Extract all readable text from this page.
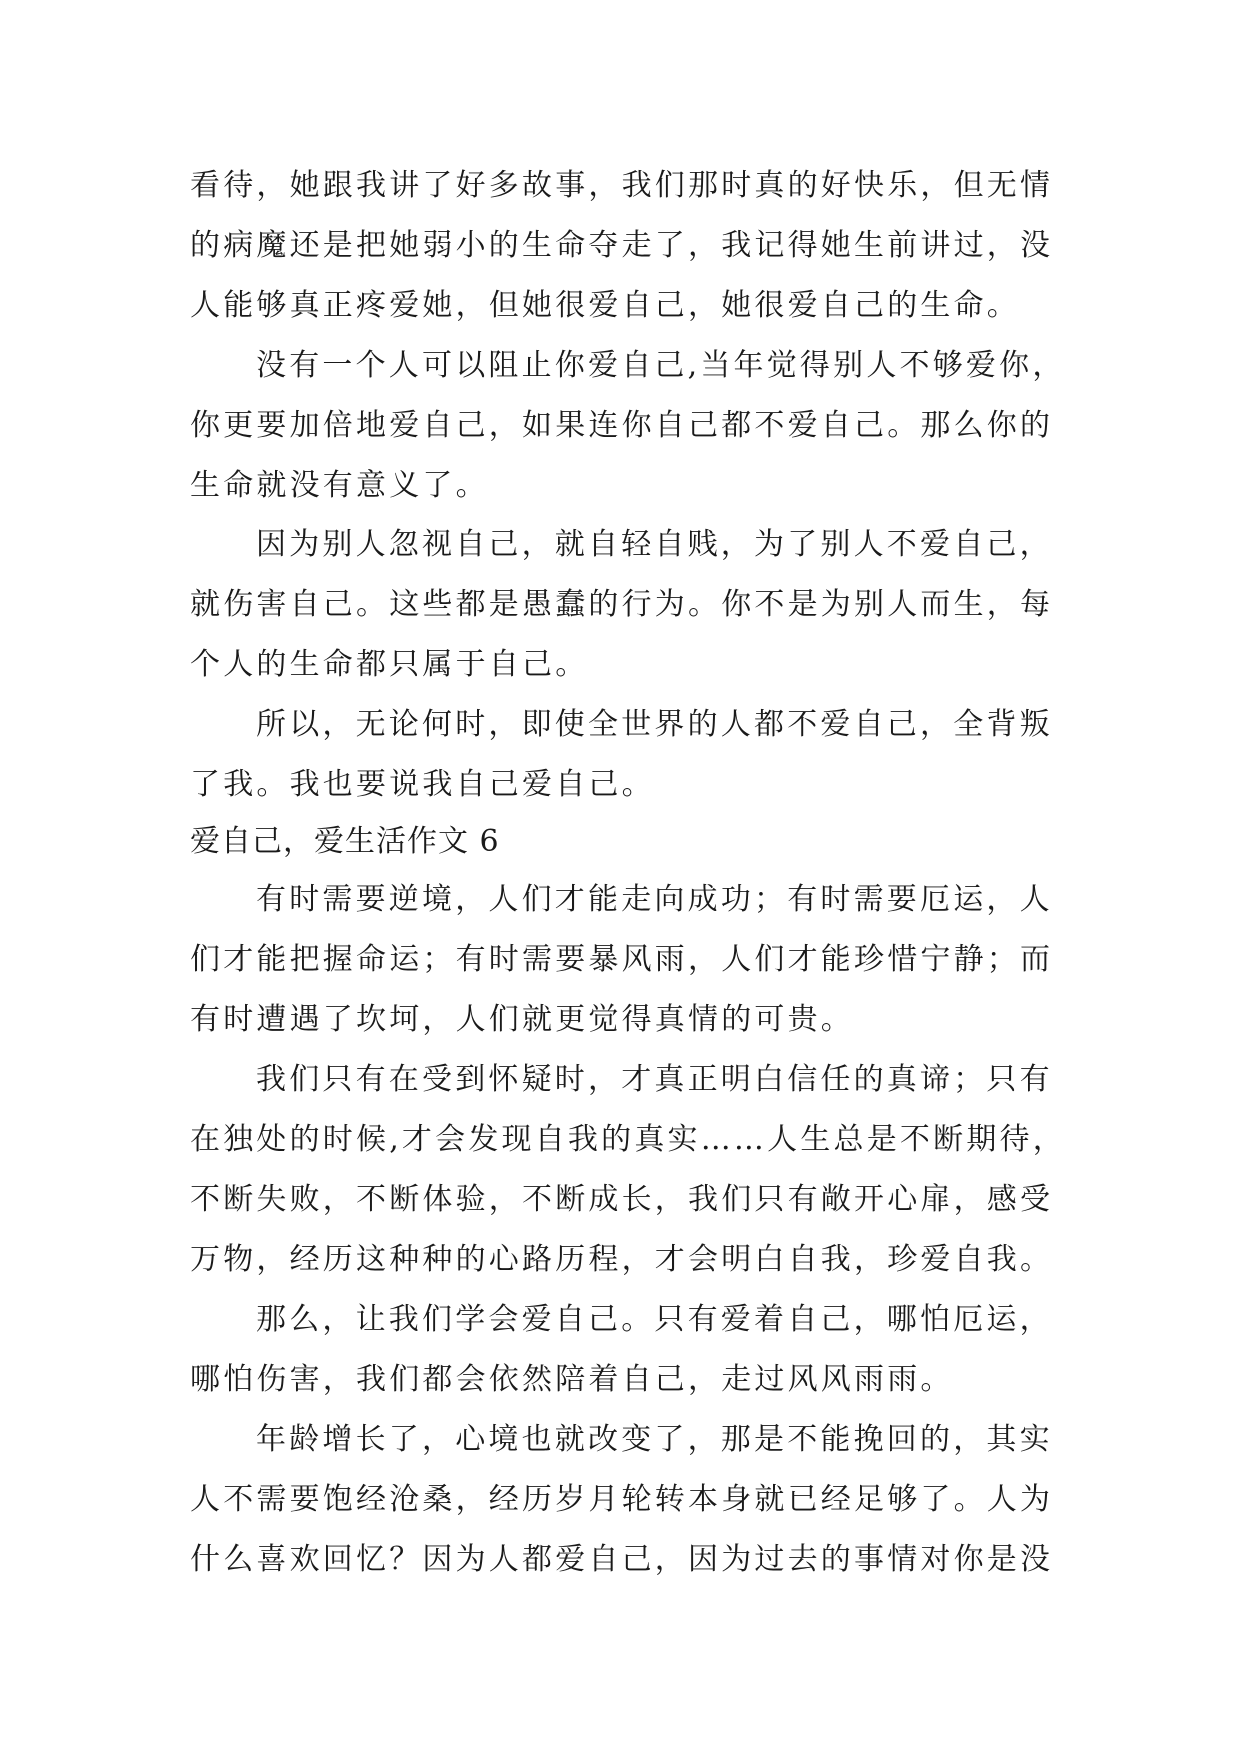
看待，她跟我讲了好多故事，我们那时真的好快乐，但无情
的病魔还是把她弱小的生命夺走了，我记得她生前讲过，没
人能够真正疼爱她，但她很爱自己，她很爱自己的生命。
没有一个人可以阻止你爱自己,当年觉得别人不够爱你，
你更要加倍地爱自己，如果连你自己都不爱自己。那么你的
生命就没有意义了。
因为别人忽视自己，就自轻自贱，为了别人不爱自己，
就伤害自己。这些都是愚蠢的行为。你不是为别人而生，每
个人的生命都只属于自己。
所以，无论何时，即使全世界的人都不爱自己，全背叛
了我。我也要说我自己爱自己。
爱自己，爱生活作文 6
有时需要逆境，人们才能走向成功；有时需要厄运，人
们才能把握命运；有时需要暴风雨，人们才能珍惜宁静；而
有时遭遇了坎坷，人们就更觉得真情的可贵。
我们只有在受到怀疑时，才真正明白信任的真谛；只有
在独处的时候,才会发现自我的真实……人生总是不断期待，
不断失败，不断体验，不断成长，我们只有敞开心扉，感受
万物，经历这种种的心路历程，才会明白自我，珍爱自我。
那么，让我们学会爱自己。只有爱着自己，哪怕厄运，
哪怕伤害，我们都会依然陪着自己，走过风风雨雨。
年龄增长了，心境也就改变了，那是不能挽回的，其实
人不需要饱经沧桑，经历岁月轮转本身就已经足够了。人为
什么喜欢回忆？因为人都爱自己，因为过去的事情对你是没
